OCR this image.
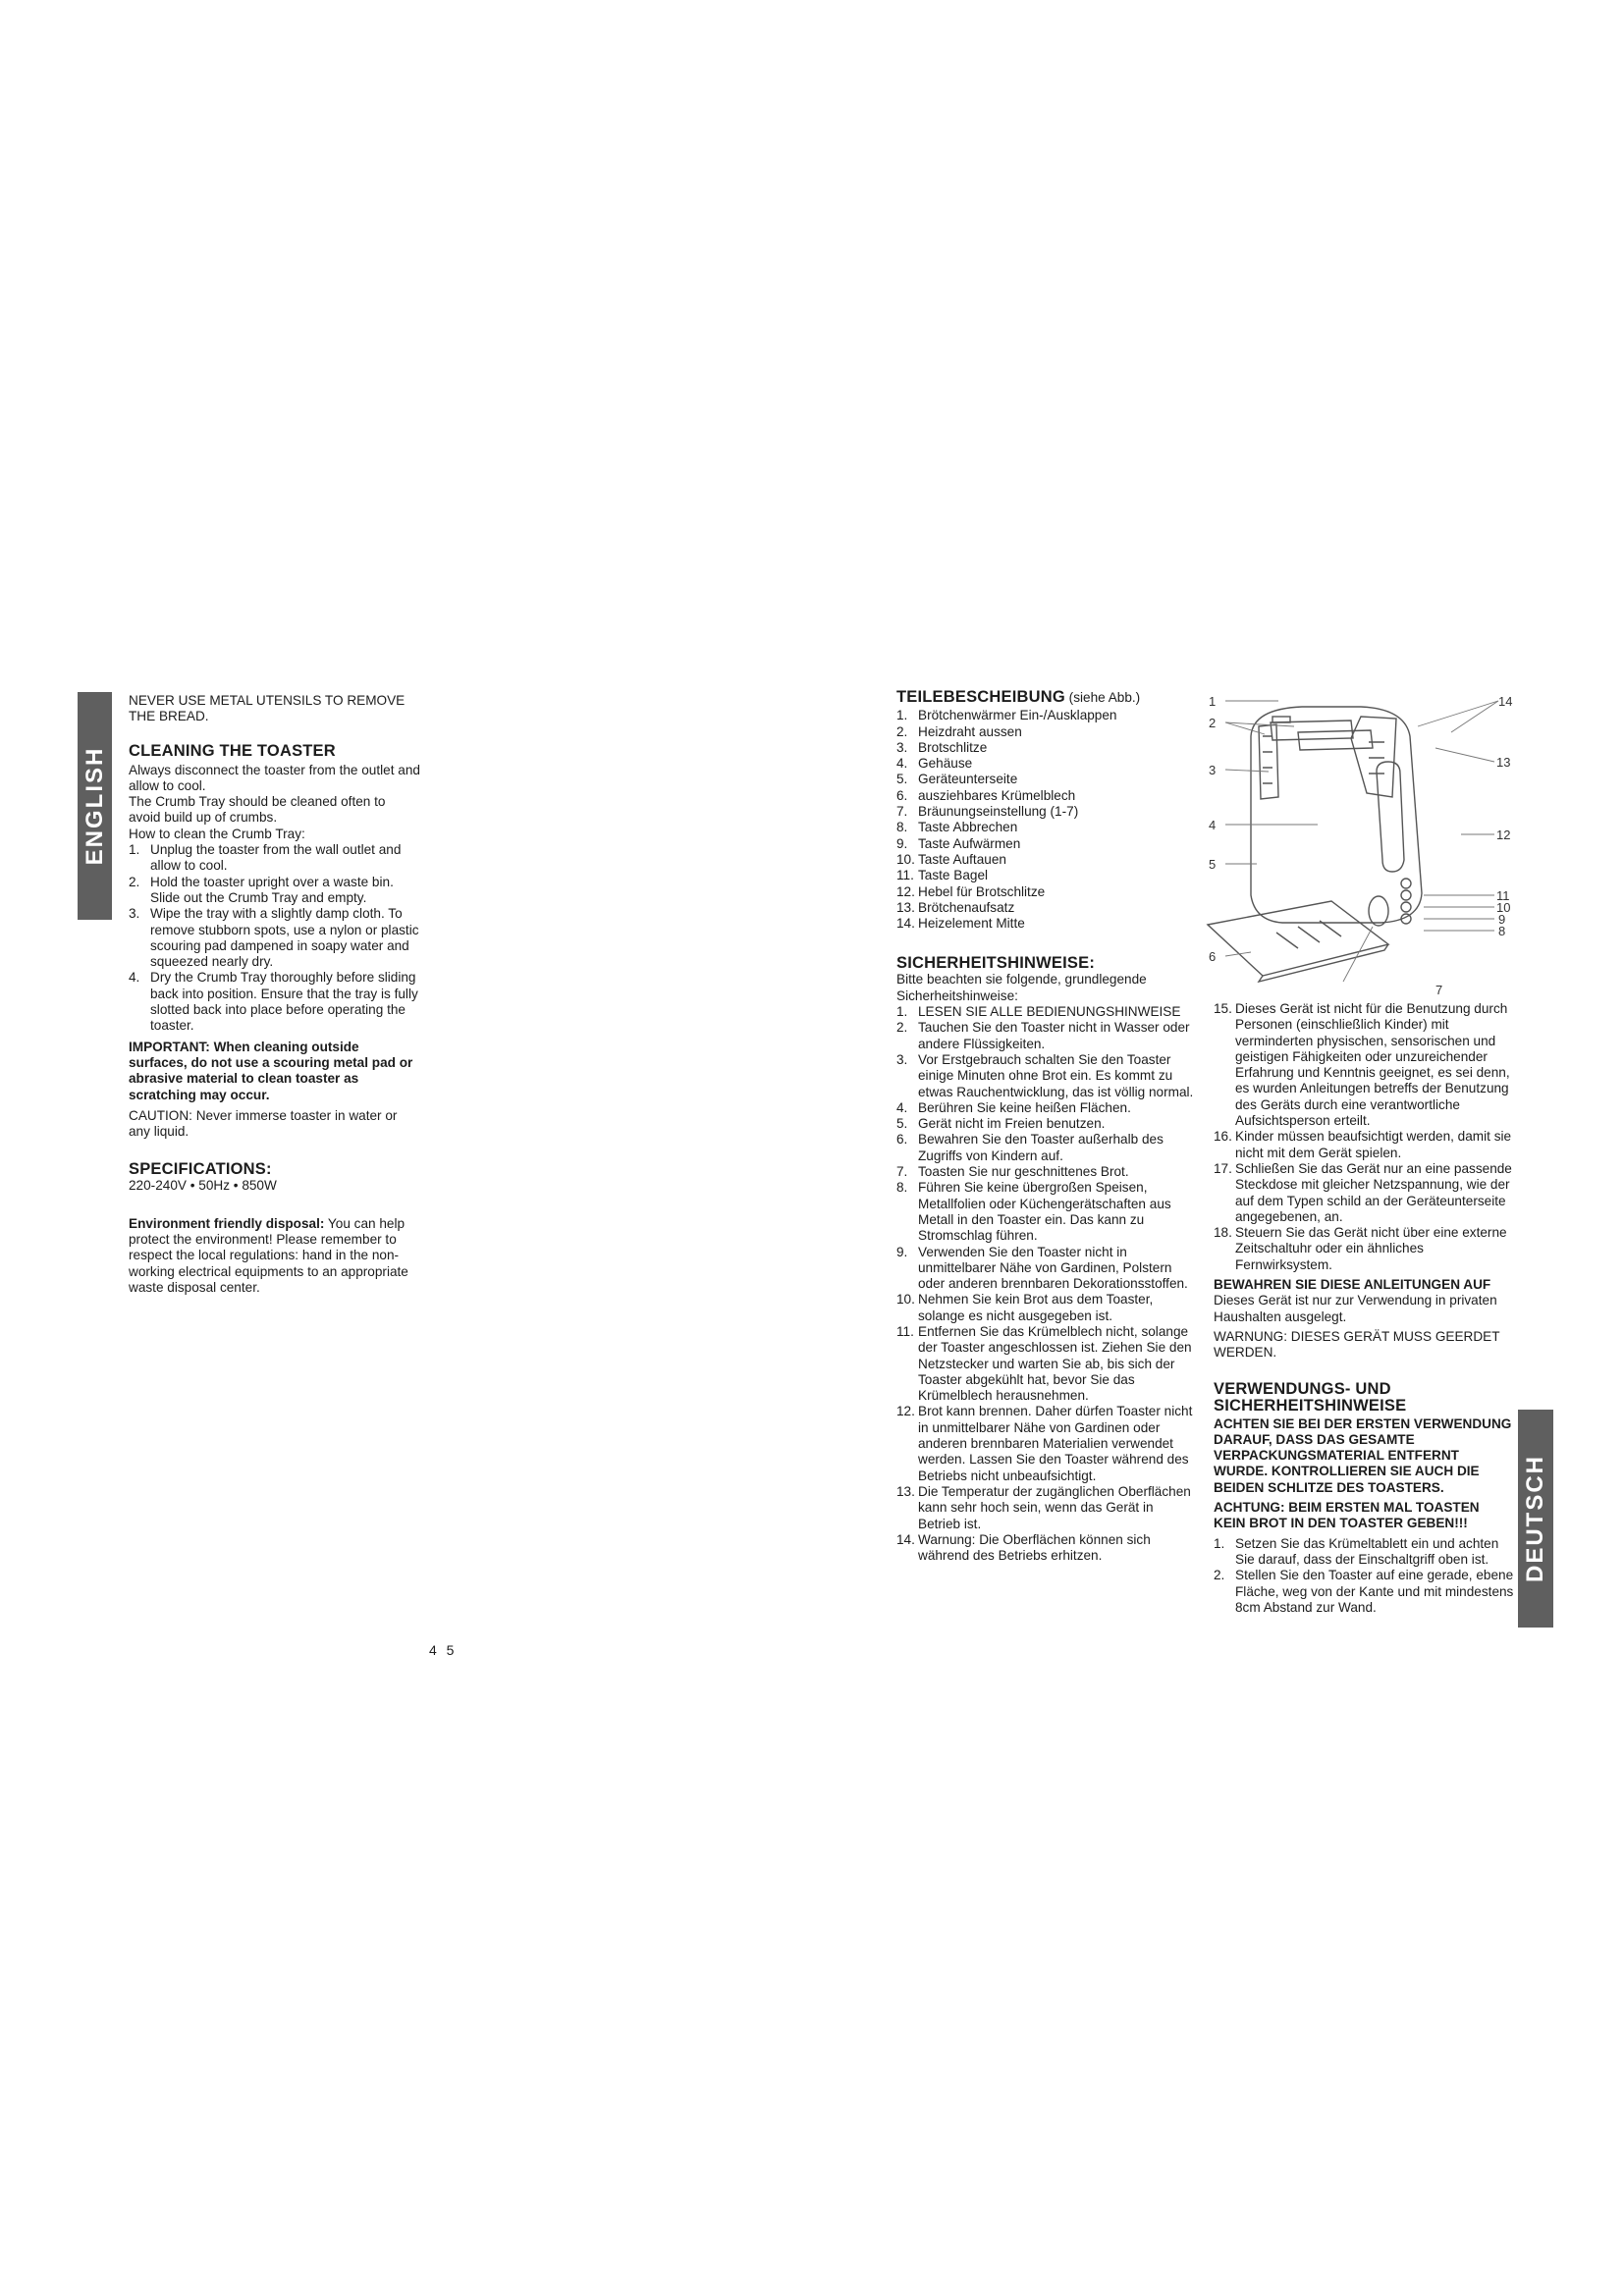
ENGLISH

NEVER USE METAL UTENSILS TO REMOVE THE BREAD.

CLEANING THE TOASTER

Always disconnect the toaster from the outlet and allow to cool.

The Crumb Tray should be cleaned often to avoid build up of crumbs.

How to clean the Crumb Tray:

1. Unplug the toaster from the wall outlet and allow to cool.
2. Hold the toaster upright over a waste bin. Slide out the Crumb Tray and empty.
3. Wipe the tray with a slightly damp cloth. To remove stubborn spots, use a nylon or plastic scouring pad dampened in soapy water and squeezed nearly dry.
4. Dry the Crumb Tray thoroughly before sliding back into position. Ensure that the tray is fully slotted back into place before operating the toaster.

IMPORTANT: When cleaning outside surfaces, do not use a scouring metal pad or abrasive material to clean toaster as scratching may occur.

CAUTION: Never immerse toaster in water or any liquid.

SPECIFICATIONS:

220-240V • 50Hz • 850W

Environment friendly disposal: You can help protect the environment! Please remember to respect the local regulations: hand in the non-working electrical equipments to an appropriate waste disposal center.

4 5

TEILEBESCHEIBUNG (siehe Abb.)

1. Brötchenwärmer Ein-/Ausklappen
2. Heizdraht aussen
3. Brotschlitze
4. Gehäuse
5. Geräteunterseite
6. ausziehbares Krümelblech
7. Bräunungseinstellung (1-7)
8. Taste Abbrechen
9. Taste Aufwärmen
10. Taste Auftauen
11. Taste Bagel
12. Hebel für Brotschlitze
13. Brötchenaufsatz
14. Heizelement Mitte

SICHERHEITSHINWEISE:

Bitte beachten sie folgende, grundlegende Sicherheitshinweise:

1. LESEN SIE ALLE BEDIENUNGSHINWEISE
2. Tauchen Sie den Toaster nicht in Wasser oder andere Flüssigkeiten.
3. Vor Erstgebrauch schalten Sie den Toaster einige Minuten ohne Brot ein. Es kommt zu etwas Rauchentwicklung, das ist völlig normal.
4. Berühren Sie keine heißen Flächen.
5. Gerät nicht im Freien benutzen.
6. Bewahren Sie den Toaster außerhalb des Zugriffs von Kindern auf.
7. Toasten Sie nur geschnittenes Brot.
8. Führen Sie keine übergroßen Speisen, Metallfolien oder Küchengerätschaften aus Metall in den Toaster ein. Das kann zu Stromschlag führen.
9. Verwenden Sie den Toaster nicht in unmittelbarer Nähe von Gardinen, Polstern oder anderen brennbaren Dekorationsstoffen.
10. Nehmen Sie kein Brot aus dem Toaster, solange es nicht ausgegeben ist.
11. Entfernen Sie das Krümelblech nicht, solange der Toaster angeschlossen ist. Ziehen Sie den Netzstecker und warten Sie ab, bis sich der Toaster abgekühlt hat, bevor Sie das Krümelblech herausnehmen.
12. Brot kann brennen. Daher dürfen Toaster nicht in unmittelbarer Nähe von Gardinen oder anderen brennbaren Materialien verwendet werden. Lassen Sie den Toaster während des Betriebs nicht unbeaufsichtigt.
13. Die Temperatur der zugänglichen Oberflächen kann sehr hoch sein, wenn das Gerät in Betrieb ist.
14. Warnung: Die Oberflächen können sich während des Betriebs erhitzen.
1
2
3
4
5
6
7
8
9
10
11
12
13
14
15. Dieses Gerät ist nicht für die Benutzung durch Personen (einschließlich Kinder) mit verminderten physischen, sensorischen und geistigen Fähigkeiten oder unzureichender Erfahrung und Kenntnis geeignet, es sei denn, es wurden Anleitungen betreffs der Benutzung des Geräts durch eine verantwortliche Aufsichtsperson erteilt.
16. Kinder müssen beaufsichtigt werden, damit sie nicht mit dem Gerät spielen.
17. Schließen Sie das Gerät nur an eine passende Steckdose mit gleicher Netzspannung, wie der auf dem Typen schild an der Geräteunterseite angegebenen, an.
18. Steuern Sie das Gerät nicht über eine externe Zeitschaltuhr oder ein ähnliches Fernwirksystem.

BEWAHREN SIE DIESE ANLEITUNGEN AUF

Dieses Gerät ist nur zur Verwendung in privaten Haushalten ausgelegt.

WARNUNG: DIESES GERÄT MUSS GEERDET WERDEN.

VERWENDUNGS- UND SICHERHEITSHINWEISE

ACHTEN SIE BEI DER ERSTEN VERWENDUNG DARAUF, DASS DAS GESAMTE VERPACKUNGSMATERIAL ENTFERNT WURDE. KONTROLLIEREN SIE AUCH DIE BEIDEN SCHLITZE DES TOASTERS.

ACHTUNG: BEIM ERSTEN MAL TOASTEN KEIN BROT IN DEN TOASTER GEBEN!!!

1. Setzen Sie das Krümeltablett ein und achten Sie darauf, dass der Einschaltgriff oben ist.
2. Stellen Sie den Toaster auf eine gerade, ebene Fläche, weg von der Kante und mit mindestens 8cm Abstand zur Wand.
DEUTSCH
